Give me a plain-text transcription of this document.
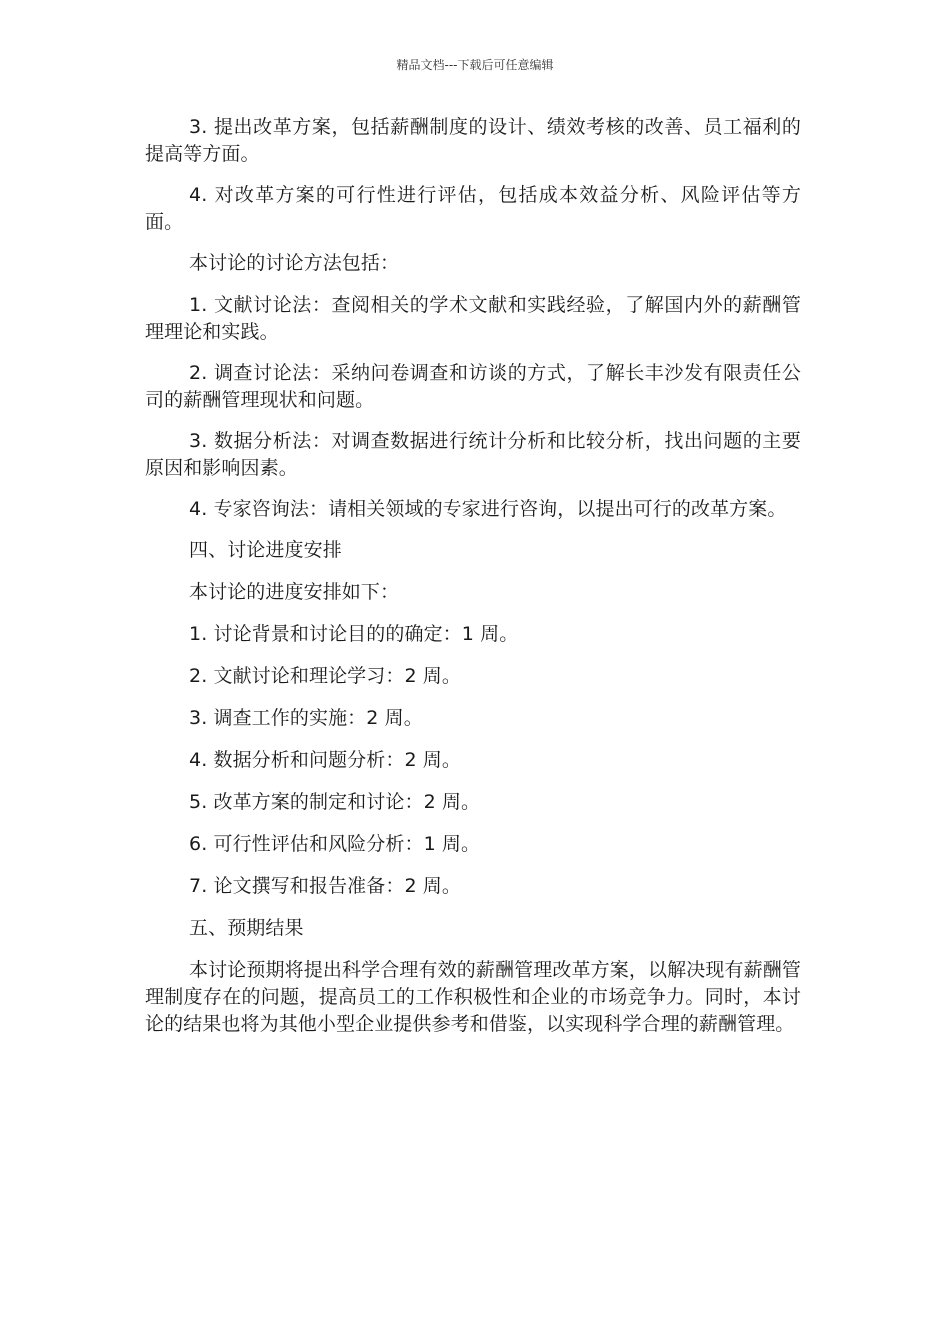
精品文档---下载后可任意编辑

3. 提出改革方案，包括薪酬制度的设计、绩效考核的改善、员工福利的提高等方面。

4. 对改革方案的可行性进行评估，包括成本效益分析、风险评估等方面。

本讨论的讨论方法包括：

1. 文献讨论法：查阅相关的学术文献和实践经验，了解国内外的薪酬管理理论和实践。

2. 调查讨论法：采纳问卷调查和访谈的方式，了解长丰沙发有限责任公司的薪酬管理现状和问题。

3. 数据分析法：对调查数据进行统计分析和比较分析，找出问题的主要原因和影响因素。

4. 专家咨询法：请相关领域的专家进行咨询，以提出可行的改革方案。

四、讨论进度安排

本讨论的进度安排如下：

1. 讨论背景和讨论目的的确定：1 周。

2. 文献讨论和理论学习：2 周。

3. 调查工作的实施：2 周。

4. 数据分析和问题分析：2 周。

5. 改革方案的制定和讨论：2 周。

6. 可行性评估和风险分析：1 周。

7. 论文撰写和报告准备：2 周。

五、预期结果

本讨论预期将提出科学合理有效的薪酬管理改革方案，以解决现有薪酬管理制度存在的问题，提高员工的工作积极性和企业的市场竞争力。同时，本讨论的结果也将为其他小型企业提供参考和借鉴，以实现科学合理的薪酬管理。
